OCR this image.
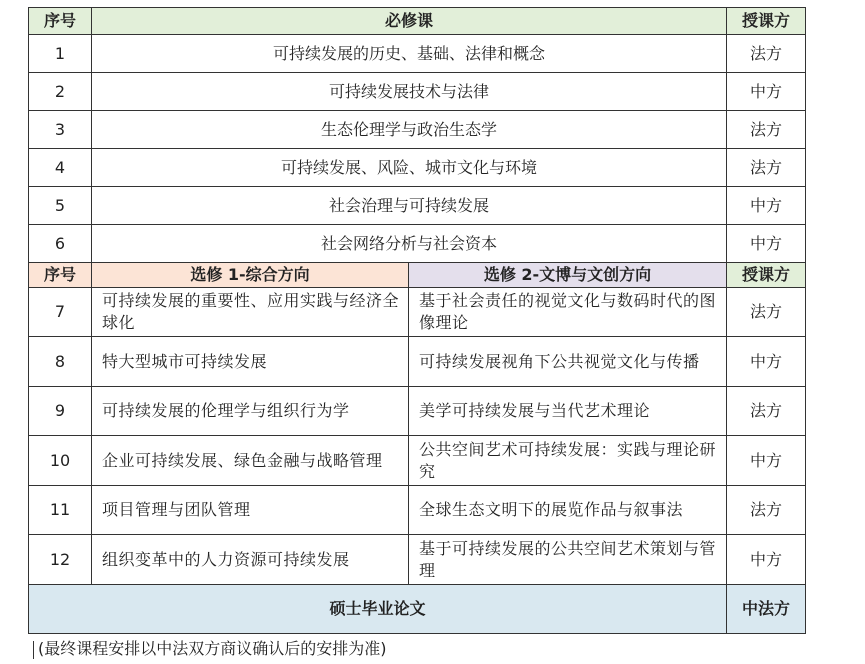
序号	必修课		授课方
1	可持续发展的历史、基础、法律和概念		法方
2	可持续发展技术与法律		中方
3	生态伦理学与政治生态学		法方
4	可持续发展、风险、城市文化与环境		法方
5	社会治理与可持续发展		中方
6	社会网络分析与社会资本		中方
序号	选修 1-综合方向	选修 2-文博与文创方向	授课方
7	可持续发展的重要性、应用实践与经济全球化	基于社会责任的视觉文化与数码时代的图像理论	法方
8	特大型城市可持续发展	可持续发展视角下公共视觉文化与传播	中方
9	可持续发展的伦理学与组织行为学	美学可持续发展与当代艺术理论	法方
10	企业可持续发展、绿色金融与战略管理	公共空间艺术可持续发展：实践与理论研究	中方
11	项目管理与团队管理	全球生态文明下的展览作品与叙事法	法方
12	组织变革中的人力资源可持续发展	基于可持续发展的公共空间艺术策划与管理	中方
硕士毕业论文			中法方
(最终课程安排以中法双方商议确认后的安排为准)
